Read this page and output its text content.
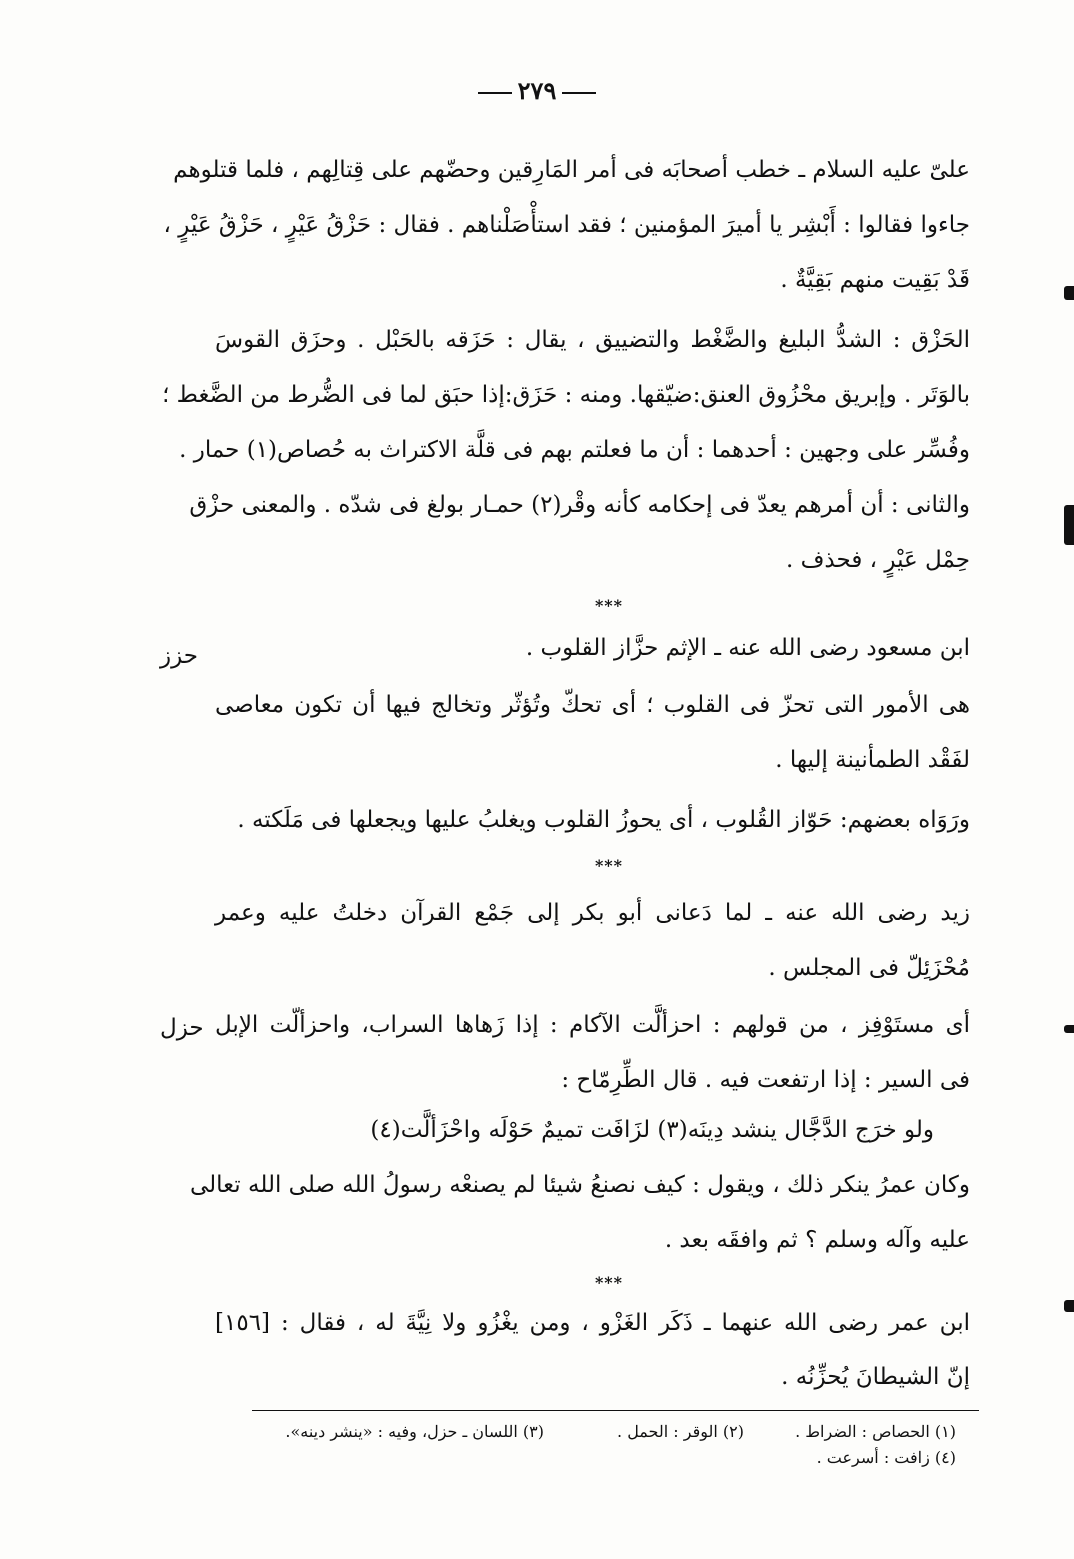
٢٧٩
علىّ عليه السلام ـ خطب أصحابَه فى أمر المَارِقين وحضّهم على قِتالِهم ، فلما قتلوهم
جاءوا فقالوا : أَبْشِر يا أميرَ المؤمنين ؛ فقد استأْصَلْناهم . فقال : حَزْقُ عَيْرٍ ، حَزْقُ عَيْرٍ ،
قَدْ بَقِيت منهم بَقِيَّةٌ .
الحَزْق : الشدُّ البليغ والضَّغْط والتضييق ، يقال : حَزَقه بالحَبْل . وحزَق القوسَ
بالوَتَر . وإبريق محْزُوق العنق:ضيّقها. ومنه : حَزَق:إذا حبَق لما فى الضُّرط من الضَّغط ؛
وفُسِّر على وجهين : أحدهما : أن ما فعلتم بهم فى قلَّة الاكتراث به حُصاص(١) حمار .
والثانى : أن أمرهم يعدّ فى إحكامه كأنه وقْر(٢) حمـار بولغ فى شدّه . والمعنى حزْق
حِمْل عَيْرٍ ، فحذف .
***
ابن مسعود رضى الله عنه ـ الإثم حزَّاز القلوب .
حزز
هى الأمور التى تحزّ فى القلوب ؛ أى تحكّ وتُؤثّر وتخالج فيها أن تكون معاصى
لفَقْد الطمأنينة إليها .
ورَوَاه بعضهم: حَوّاز القُلوب ، أى يحوزُ القلوب ويغلبُ عليها ويجعلها فى مَلَكته .
***
زيد رضى الله عنه ـ لما دَعانى أبو بكر إلى جَمْع القرآن دخلتُ عليه وعمر
مُحْزَئِلّ فى المجلس .
أى مستَوْفِز ، من قولهم : احزألَّت الآكام : إذا زَهاها السراب، واحزألّت الإبل
حزل
فى السير : إذا ارتفعت فيه . قال الطِّرِمّاح :
ولو خرَج الدَّجَّال ينشد دِينَه(٣) لزَافَت تميمٌ حَوْلَه واحْزَألَّت(٤)
وكان عمرُ ينكر ذلك ، ويقول : كيف نصنعُ شيئا لم يصنعْه رسولُ الله صلى الله تعالى
عليه وآله وسلم ؟ ثم وافقَه بعد .
***
ابن عمر رضى الله عنهما ـ ذَكَر الغَزْو ، ومن يغْزُو ولا نِيَّةَ له ، فقال : [١٥٦]
إنّ الشيطانَ يُحزِّنُه .
(١) الحصاص : الضراط .
(٢) الوقر : الحمل .
(٣) اللسان ـ حزل، وفيه : «ينشر دينه».
(٤) زافت : أسرعت .
